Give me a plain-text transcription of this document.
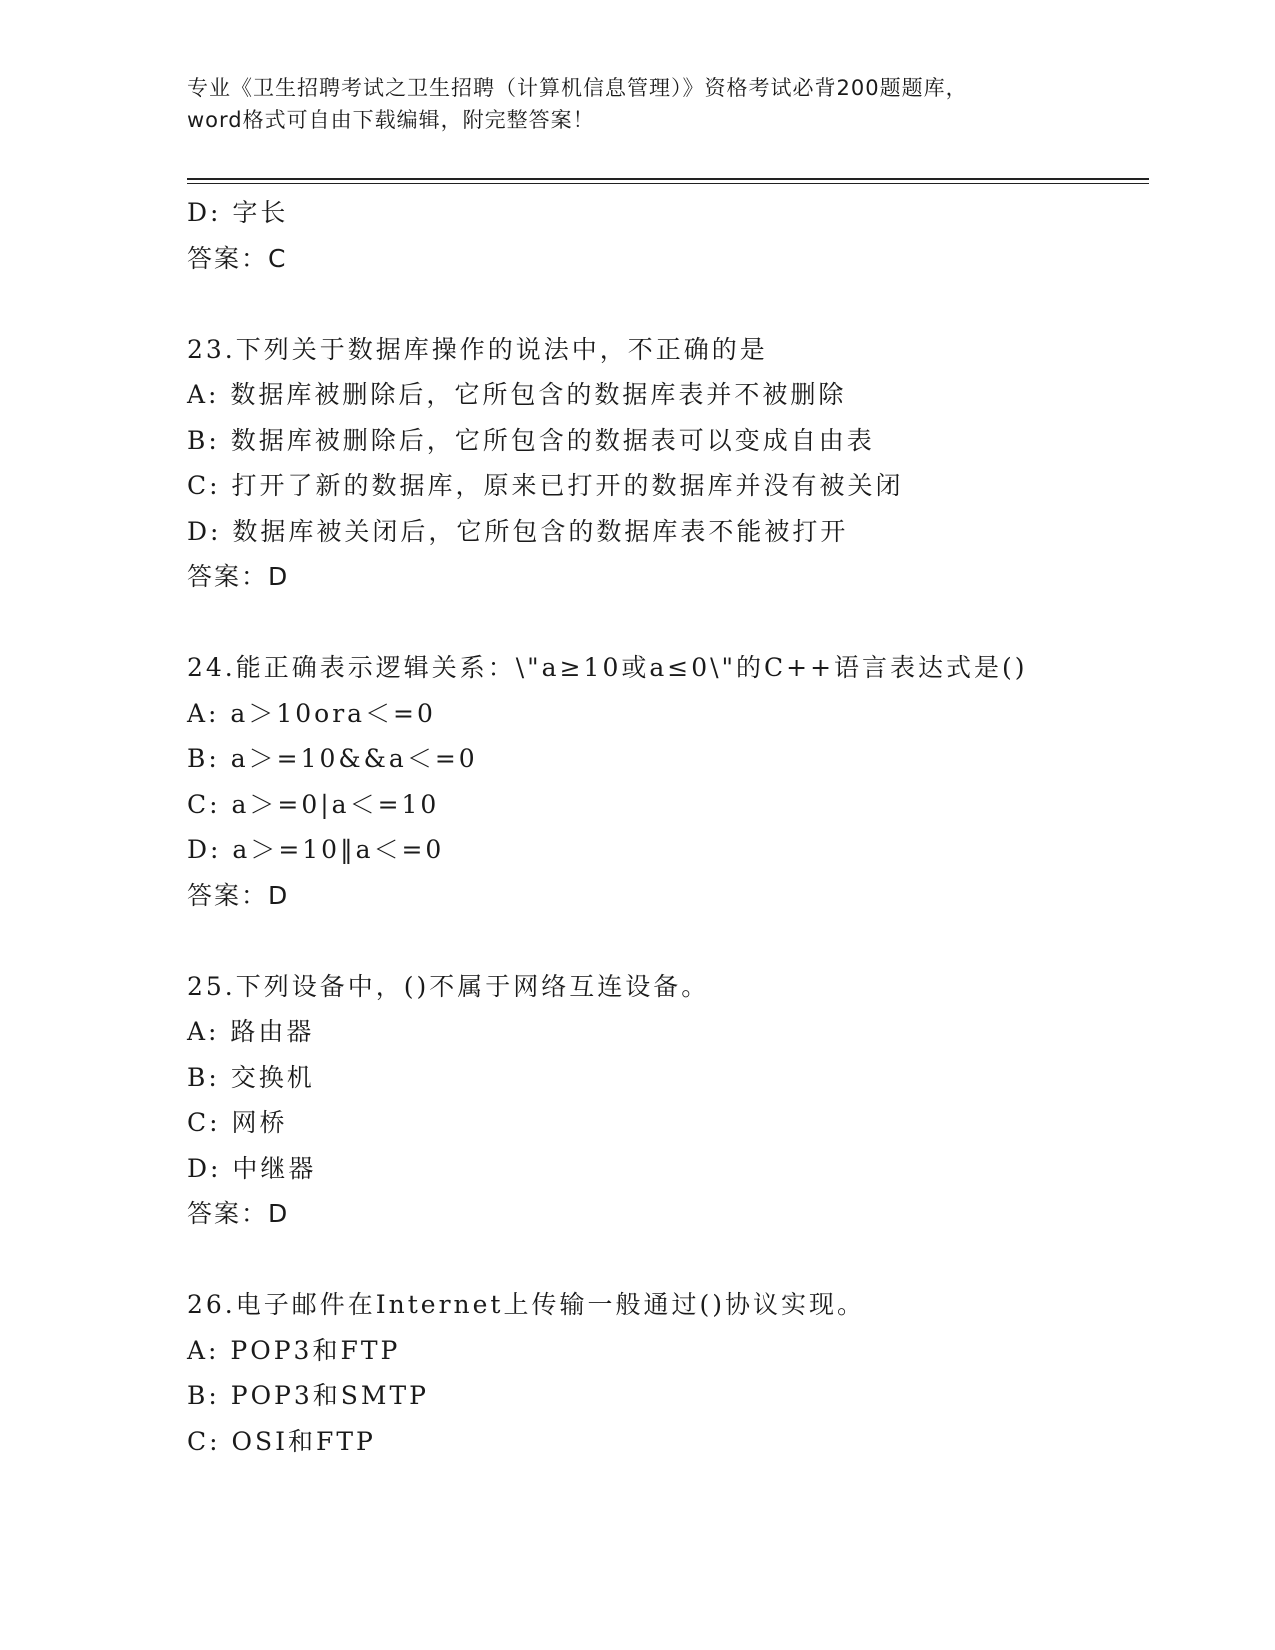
专业《卫生招聘考试之卫生招聘（计算机信息管理）》资格考试必背200题题库，
word格式可自由下载编辑，附完整答案！
D: 字长
答案：C
23.下列关于数据库操作的说法中，不正确的是
A: 数据库被删除后，它所包含的数据库表并不被删除
B: 数据库被删除后，它所包含的数据表可以变成自由表
C: 打开了新的数据库，原来已打开的数据库并没有被关闭
D: 数据库被关闭后，它所包含的数据库表不能被打开
答案：D
24.能正确表示逻辑关系：\"a≥10或a≤0\"的C++语言表达式是()
A: a＞10ora＜=0
B: a＞=10&&a＜=0
C: a＞=0|a＜=10
D: a＞=10‖a＜=0
答案：D
25.下列设备中，()不属于网络互连设备。
A: 路由器
B: 交换机
C: 网桥
D: 中继器
答案：D
26.电子邮件在Internet上传输一般通过()协议实现。
A: POP3和FTP
B: POP3和SMTP
C: OSI和FTP
